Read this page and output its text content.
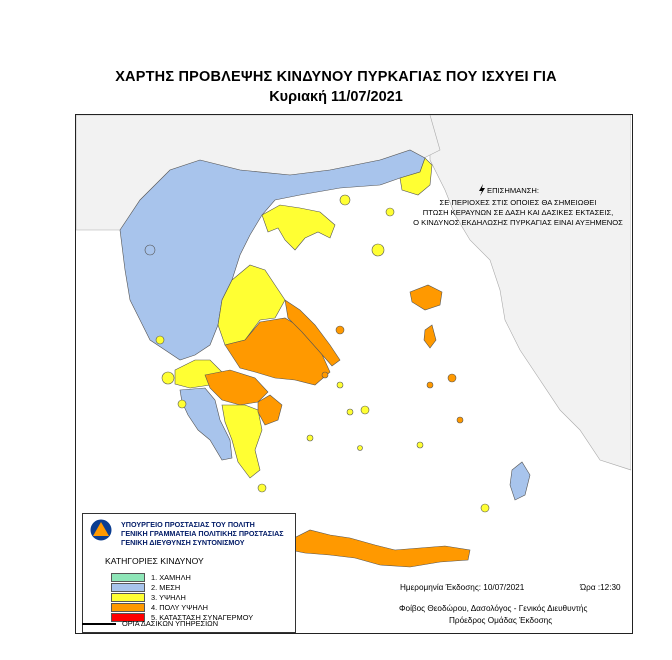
ΧΑΡΤΗΣ ΠΡΟΒΛΕΨΗΣ ΚΙΝΔΥΝΟΥ ΠΥΡΚΑΓΙΑΣ ΠΟΥ ΙΣΧΥΕΙ ΓΙΑ
Κυριακή 11/07/2021
ΕΠΙΣΗΜΑΝΣΗ:
ΣΕ ΠΕΡΙΟΧΕΣ ΣΤΙΣ ΟΠΟΙΕΣ ΘΑ ΣΗΜΕΙΩΘΕΙ
ΠΤΩΣΗ ΚΕΡΑΥΝΩΝ ΣΕ ΔΑΣΗ ΚΑΙ ΔΑΣΙΚΕΣ ΕΚΤΑΣΕΙΣ,
Ο ΚΙΝΔΥΝΟΣ ΕΚΔΗΛΩΣΗΣ ΠΥΡΚΑΓΙΑΣ ΕΙΝΑΙ ΑΥΞΗΜΕΝΟΣ
ΥΠΟΥΡΓΕΙΟ ΠΡΟΣΤΑΣΙΑΣ ΤΟΥ ΠΟΛΙΤΗ
ΓΕΝΙΚΗ ΓΡΑΜΜΑΤΕΙΑ ΠΟΛΙΤΙΚΗΣ ΠΡΟΣΤΑΣΙΑΣ
ΓΕΝΙΚΗ ΔΙΕΥΘΥΝΣΗ ΣΥΝΤΟΝΙΣΜΟΥ
ΚΑΤΗΓΟΡΙΕΣ ΚΙΝΔΥΝΟΥ
1. ΧΑΜΗΛΗ
2. ΜΕΣΗ
3. ΥΨΗΛΗ
4. ΠΟΛΥ ΥΨΗΛΗ
5. ΚΑΤΑΣΤΑΣΗ ΣΥΝΑΓΕΡΜΟΥ
ΟΡΙΑ ΔΑΣΙΚΩΝ ΥΠΗΡΕΣΙΩΝ
Ημερομηνία Έκδοσης: 10/07/2021	Ώρα :12:30
Φοίβος Θεοδώρου, Δασολόγος - Γενικός Διευθυντής
Πρόεδρος Ομάδας Έκδοσης
